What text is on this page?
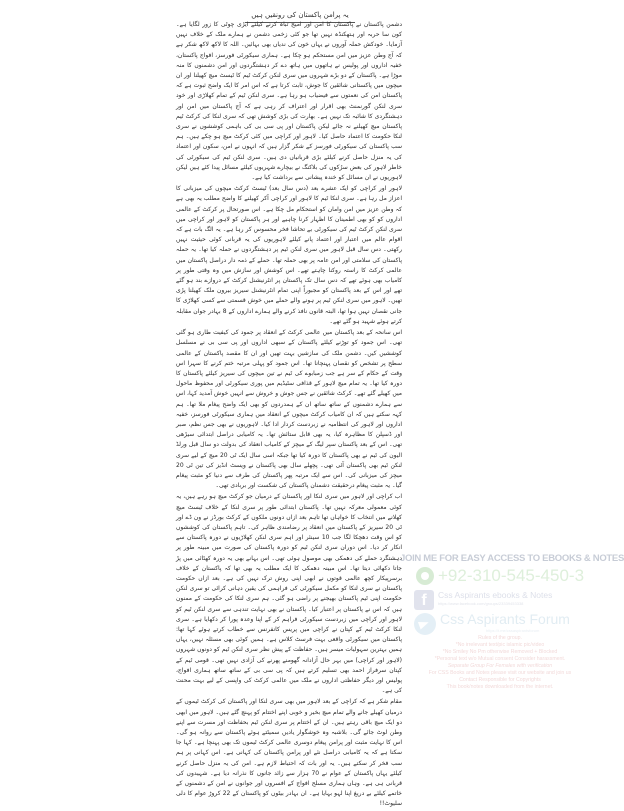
یہ پرامن پاکستان کی رونقیں ہیں

دشمن پاکستان نے پاکستان کا امن اور امیج تباہ کرنے کیلئے ایڑی چوٹی کا زور لگایا ہے۔ کون سا حربہ اور ہتھکنڈہ نہیں تھا جو کئی زخمی دشمن نے ہمارے ملک کے خلاف نہیں آزمایا۔ خودکش حملہ آوروں نے یہاں خون کی ندیاں بھی بہائیں۔ اللہ کا لاکھ لاکھ شکر ہے کہ آج وطن عزیز میں امن مستحکم ہو چکا ہے۔ ہماری سیکورٹی فورسز، افواج پاکستان، خفیہ اداروں اور پولیس نے ہاتھوں میں ہاتھ دے کر دہشتگردوں اور امن دشمنوں کا منہ موڑا ہے۔ پاکستان کے دو بڑے شہروں میں سری لنکن کرکٹ ٹیم کا ٹیسٹ میچ کھیلنا اور ان میچوں میں پاکستانی شائقین کا جوش، ثابت کرتا ہے کہ اس امر کا ایک واضح ثبوت ہے کہ پاکستان امن کی نعمتوں سے فیضیاب ہو رہا ہے۔ سری لنکن ٹیم کے تمام کھلاڑی اور خود سری لنکن گورنمنٹ بھی اقرار اور اعتراف کر رہی ہے کہ آج پاکستان میں امن اور دہشتگردی کا شائبہ تک نہیں ہے۔ بھارت کی بڑی کوشش تھی کہ سری لنکا کی کرکٹ ٹیم پاکستان میچ کھیلنے نہ جائے لیکن پاکستان اور پی سی بی کی باہمی کوششوں نے سری لنکا حکومت کا اعتماد حاصل کیا۔ لاہور اور کراچی میں کئی کرکٹ میچ ہو چکے ہیں۔ ہم سب پاکستان کی سیکورٹی فورسز کے شکر گزار ہیں کہ انہوں نے امن، سکون اور اعتماد کی یہ منزل حاصل کرنے کیلئے بڑی قربانیاں دی ہیں۔ سری لنکن ٹیم کی سیکورٹی کی خاطر لاہور کی بعض سڑکوں کی بلاکنگ نے بیچارے شہریوں کیلئے مسائل پیدا کئے ہیں لیکن لاہوریوں نے ان مسائل کو خندہ پیشانی سے برداشت کیا ہے۔

لاہور اور کراچی کو ایک عشرے بعد (دس سال بعد) ٹیسٹ کرکٹ میچوں کی میزبانی کا اعزاز مل رہا ہے۔ سری لنکا ٹیم کا لاہور اور کراچی آکر کھیلنے کا واضح مطلب یہ بھی ہے کہ وطن عزیز میں امن وامان کو استحکام مل چکا ہے۔ اس صورتحال پر کرکٹ کے عالمی اداروں کو کو بھی اطمینان کا اظہار کرنا چاہیے اور ہر پاکستان کو لاہور اور کراچی میں سری لنکن کرکٹ ٹیم کی سیکورٹی بے تحاشا فخر محسوس کر رہا ہے۔ یہ الگ بات ہے کہ اقوام عالم میں اعتبار اور اعتماد پانے کیلئے لاہوریوں کی یہ قربانی کوئی حیثیت نہیں رکھتی۔ دس سال قبل لاہور میں سری لنکن ٹیم پر دہشتگردوں نے حملہ کیا تھا۔ یہ حملہ پاکستان کی سلامتی اور امن عامہ پر بھی حملہ تھا۔ حملے کے ذمہ دار دراصل پاکستان میں عالمی کرکٹ کا راستہ روکنا چاہتے تھے۔ اس کوشش اور سازش میں وہ وقتی طور پر کامیاب بھی ہوئے تھے کہ دس سال تک پاکستان پر انٹرنیشنل کرکٹ کے دروازے بند ہو گئے تھے اور اس کے بعد پاکستان کو مجبوراً اپنی تمام انٹرنیشنل سیریز بیرون ملک کھیلنا پڑی تھیں۔ لاہور میں سری لنکن ٹیم پر ہونے والے حملے میں خوش قسمتی سے کسی کھلاڑی کا جانی نقصان نہیں ہوا تھا، البتہ قانون نافذ کرنے والے ہمارے اداروں کے 8 بہادر جوان مقابلہ کرتے ہوئے شہید ہو گئے تھے۔

اس سانحہ کے بعد پاکستان میں عالمی کرکٹ کے انعقاد پر جمود کی کیفیت طاری ہو گئی تھی۔ اس جمود کو توڑنے کیلئے پاکستان کے سبھی اداروں اور پی سی بی نے مسلسل کوششیں کیں۔ دشمن ملک کی سازشیں بہت تھیں اور ان کا مقصد پاکستان کے عالمی سطح پر تشخص کو نقصان پہنچانا تھا۔ اس جمود کو پہلی مرتبہ ختم کرنے کا سہرا اس وقت کے حکام کے سر ہے جب زمبابوے کی ٹیم نے تین میچوں کی سیریز کیلئے پاکستان کا دورہ کیا تھا۔ یہ تمام میچ لاہور کے قذافی سٹیڈیم میں پوری سیکورٹی اور محفوظ ماحول میں کھیلے گئے تھے۔ کرکٹ شائقین نے جس جوش و خروش سے انہیں خوش آمدید کہا، اس سے ہمارے دشمنوں کے ساتھ ساتھ ان کے ہمدردوں کو بھی ایک واضح پیغام ملا تھا۔ ہم کہہ سکتے ہیں کہ ان کامیاب کرکٹ میچوں کے انعقاد میں ہماری سیکورٹی فورسز، خفیہ اداروں اور لاہور کی انتظامیہ نے زبردست کردار ادا کیا۔ لاہوریوں نے بھی جس نظم، صبر اور ڈسپلن کا مظاہرہ کیا، یہ بھی قابل ستائش تھا۔ یہ کامیابی دراصل ابتدائی سیڑھی تھی۔ اس کے بعد پاکستان سپر لیگ کے میچز کے کامیاب انعقاد کی بدولت دو سال قبل ورلڈ الیون کی ٹیم نے بھی پاکستان کا دورہ کیا تھا جبکہ اسی سال ایک ٹی 20 میچ کے لیے سری لنکن ٹیم بھی پاکستان آئی تھی۔ پچھلے سال بھی پاکستان نے ویسٹ انڈیز کی تین ٹی 20 میچز کی میزبانی کی۔ اس سے ایک مرتبہ پھر پاکستان کی طرف سے دنیا کو مثبت پیغام گیا۔ یہ مثبت پیغام درحقیقت دشمنان پاکستان کی شکست اور بربادی تھی۔

اب کراچی اور لاہور میں سری لنکا اور پاکستان کے درمیان جو کرکٹ میچ ہو رہے ہیں، یہ کوئی معمولی معرکہ نہیں تھا۔ پاکستان ابتدائی طور پر سری لنکا کے خلاف ٹیسٹ میچ کھلانے میں انتخاب کا خواہاں تھا تاہم بعد ازاں دونوں ملکوں کے کرکٹ بورڈز نے ون ڈے اور ٹی 20 سیریز کے پاکستان میں انعقاد پر رضامندی ظاہر کی۔ تاہم پاکستان کی کوششوں کو اس وقت دھچکا لگا جب 10 سینئر اور اہم سری لنکن کھلاڑیوں نے دورہ پاکستان سے انکار کر دیا۔ اس دوران سری لنکن ٹیم کو دورہ پاکستان کی صورت میں مبینہ طور پر دہشتگرد حملے کی دھمکی بھی موصول ہوئی تھی۔ اس بہانے بھی یہ دورہ کھٹائی میں پڑ جاتا دکھائی دیتا تھا۔ اس مبینہ دھمکی کا ایک مطلب یہ بھی تھا کہ پاکستان کے خلاف برسرپیکار کچھ عالمی قوتوں نے ابھی اپنی روش ترک نہیں کی ہے۔ بعد ازاں حکومت پاکستان نے سری لنکا کو مکمل سیکورٹی کی فراہمی کی یقین دہانی کرائی تو سری لنکن حکومت اپنی ٹیم پاکستان بھیجنے پر راضی ہو گئی۔ ہم سری لنکا کی حکومت کے ممنون ہیں کہ اس نے پاکستان پر اعتبار کیا۔ پاکستان نے بھی نہایت تندہی سے سری لنکن ٹیم کو لاہور اور کراچی میں زبردست سیکورٹی فراہم کر کے اپنا وعدہ پورا کر دکھایا ہے۔ سری لنکا کرکٹ ٹیم کے کپتان نے کراچی میں پریس کانفرنس سے خطاب کرتے ہوئے کہا تھا: پاکستان میں سیکورٹی واقعی بہت فرسٹ کلاس ہے۔ ہمیں کوئی بھی مسئلہ نہیں، یہاں ہمیں بہترین سہولیات میسر ہیں۔ حفاظت کے پیش نظر سری لنکن ٹیم کو دونوں شہروں (لاہور اور کراچی) میں بہر حال آزادانہ گھومنے پھرنے کی آزادی نہیں تھی۔ قومی ٹیم کے کپتان سرفراز احمد بھی تسلیم کرتے ہیں کہ پی سی بی کے ساتھ ساتھ ہماری افواج، پولیس اور دیگر حفاظتی اداروں نے ملک میں عالمی کرکٹ کی واپسی کے لیے بہت محنت کی ہے۔

مقام شکر ہے کہ کراچی کے بعد لاہور میں بھی سری لنکا اور پاکستان کی کرکٹ ٹیموں کے درمیان کھیلے جانے والے تمام میچ بخیر و خوبی اپنے اختتام کو پہنچ گئے ہیں۔ لاہور میں ابھی دو ایک میچ باقی رہتے ہیں۔ ان کے اختتام پر سری لنکن ٹیم بحفاظت اور مسرت سے اپنے وطن لوٹ جائے گی۔ بلاشبہ وہ خوشگوار یادیں سمیٹتے ہوئے پاکستان سے روانہ ہو گی۔ اس کا نہایت مثبت اور پرامن پیغام دوسری عالمی کرکٹ ٹیموں تک بھی پہنچا ہے۔ کہا جا سکتا ہے کہ یہ کامیابی دراصل نئے اور پرامن پاکستان کی کہانی ہے۔ اس کہانی پر ہم سب فخر کر سکتے ہیں۔ یہ اور بات کہ احتیاط لازم ہے۔ امن کی یہ منزل حاصل کرنے کیلئے یہاں پاکستان کے عوام نے 70 ہزار سے زائد جانوں کا نذرانہ دیا ہے۔ شہیدوں کی قربانی ہی ہے۔ وہاں ہماری مسلح افواج کے افسروں اور جوانوں نے امن کے دشمنوں کے خاتمے کیلئے بے دریغ اپنا لہو بہایا ہے۔ ان بہادر بیٹوں کو پاکستان کے 22 کروڑ عوام کا دلی سلیوٹ!!

JOIN ME FOR EASY ACCESS TO EBOOKS & NOTES
+92-310-545-450-3
f	Css Aspirants ebooks & Notes
https://www.facebook.com/groups/23339453338
Css Aspirants Forum
https://t.me/cssaspirantsforum
Rules of the group.
*No irrelevant text/pic islamic pic/video
*No Smiley No Pm otherwise Removed + Blocked
*Personal text w/o Mutual consent Consider harassment.
Separate Group For Females with verification
For CSS Books and Notes please visit our website and join us
Contact Responsible for Copyrights
This book/notes downloaded from the internet.
